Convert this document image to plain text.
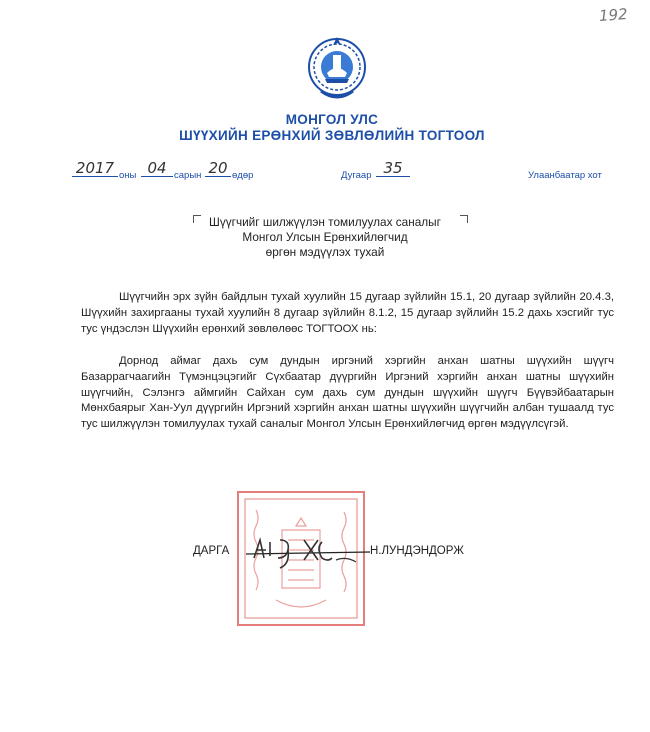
192
МОНГОЛ УЛС
ШҮҮХИЙН ЕРӨНХИЙ ЗӨВЛӨЛИЙН ТОГТООЛ
2017 оны 04 сарын 20 өдөр	Дугаар 35	Улаанбаатар хот
Шүүгчийг шилжүүлэн томилуулах саналыг
Монгол Улсын Ерөнхийлөгчид
өргөн мэдүүлэх тухай
Шүүгчийн эрх зүйн байдлын тухай хуулийн 15 дугаар зүйлийн 15.1, 20 дугаар зүйлийн 20.4.3, Шүүхийн захиргааны тухай хуулийн 8 дугаар зүйлийн 8.1.2, 15 дугаар зүйлийн 15.2 дахь хэсгийг тус тус үндэслэн Шүүхийн ерөнхий зөвлөлөөс ТОГТООХ нь:
Дорнод аймаг дахь сум дундын иргэний хэргийн анхан шатны шүүхийн шүүгч Базаррагчаагийн Түмэнцэцэгийг Сүхбаатар дүүргийн Иргэний хэргийн анхан шатны шүүхийн шүүгчийн, Сэлэнгэ аймгийн Сайхан сум дахь сум дундын шүүхийн шүүгч Бүүвэйбаатарын Мөнхбаярыг Хан-Уул дүүргийн Иргэний хэргийн анхан шатны шүүхийн шүүгчийн албан тушаалд тус тус шилжүүлэн томилуулах тухай саналыг Монгол Улсын Ерөнхийлөгчид өргөн мэдүүлсүгэй.
ДАРГА	Н.ЛУНДЭНДОРЖ
